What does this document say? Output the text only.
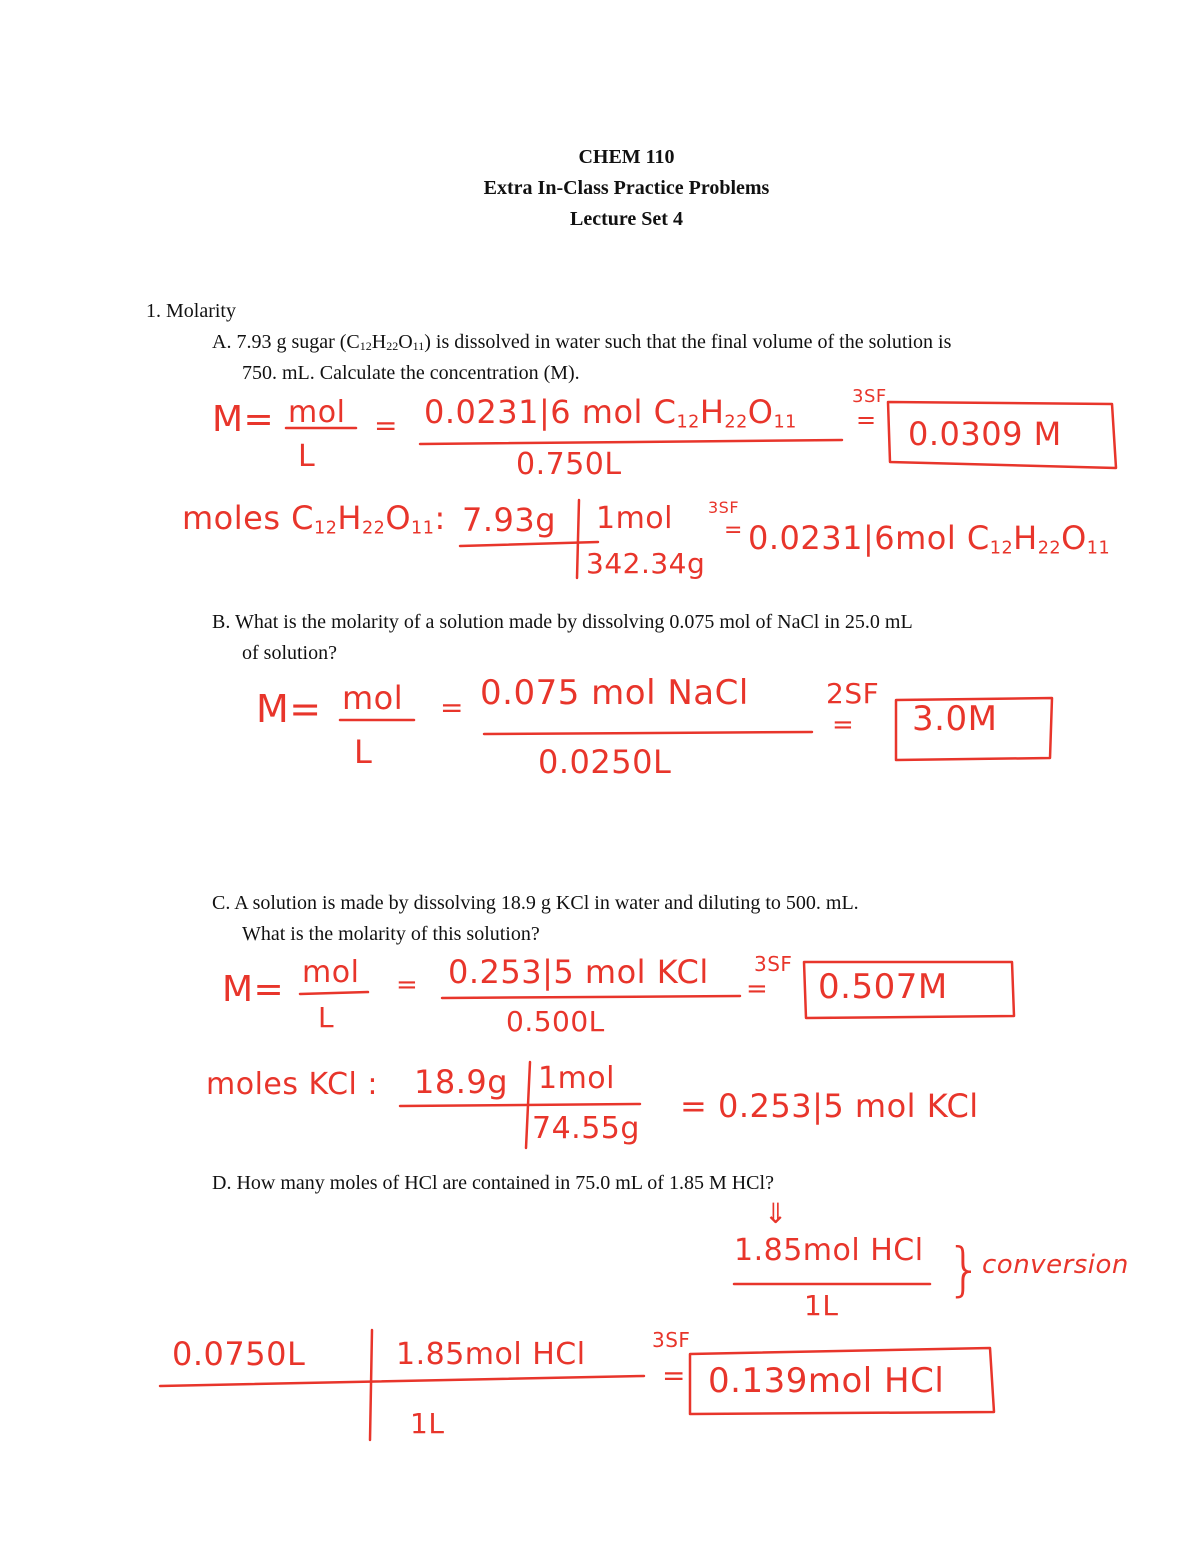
CHEM 110
Extra In-Class Practice Problems
Lecture Set 4
1. Molarity
A. 7.93 g sugar $(C_{12}H_{22}O_{11})$ is dissolved in water such that the final volume of the solution is
750. mL. Calculate the concentration (M).
M= mol
L
= 0.0231|6 mol $C_{12}H_{22}O_{11}$
0.750L
3SF
= 0.0309 M
moles $C_{12}H_{22}O_{11}$: 7.93g 1mol
342.34g
3SF
= 0.0231|6mol $C_{12}H_{22}O_{11}$
B. What is the molarity of a solution made by dissolving 0.075 mol of NaCl in 25.0 mL
of solution?
M= mol
L
= 0.075 mol NaCl
0.0250L
2SF
= 3.0M
C. A solution is made by dissolving 18.9 g KCl in water and diluting to 500. mL.
What is the molarity of this solution?
M= mol
L
= 0.253|5 mol KCl
0.500L
3SF
= 0.507M
moles KCl : 18.9g 1mol
74.55g
= 0.253|5 mol KCl
D. How many moles of HCl are contained in 75.0 mL of 1.85 M HCl?
⇓
1.85mol HCl
1L
}
conversion
0.0750L	1.85mol HCl
1L
3SF
= 0.139mol HCl
